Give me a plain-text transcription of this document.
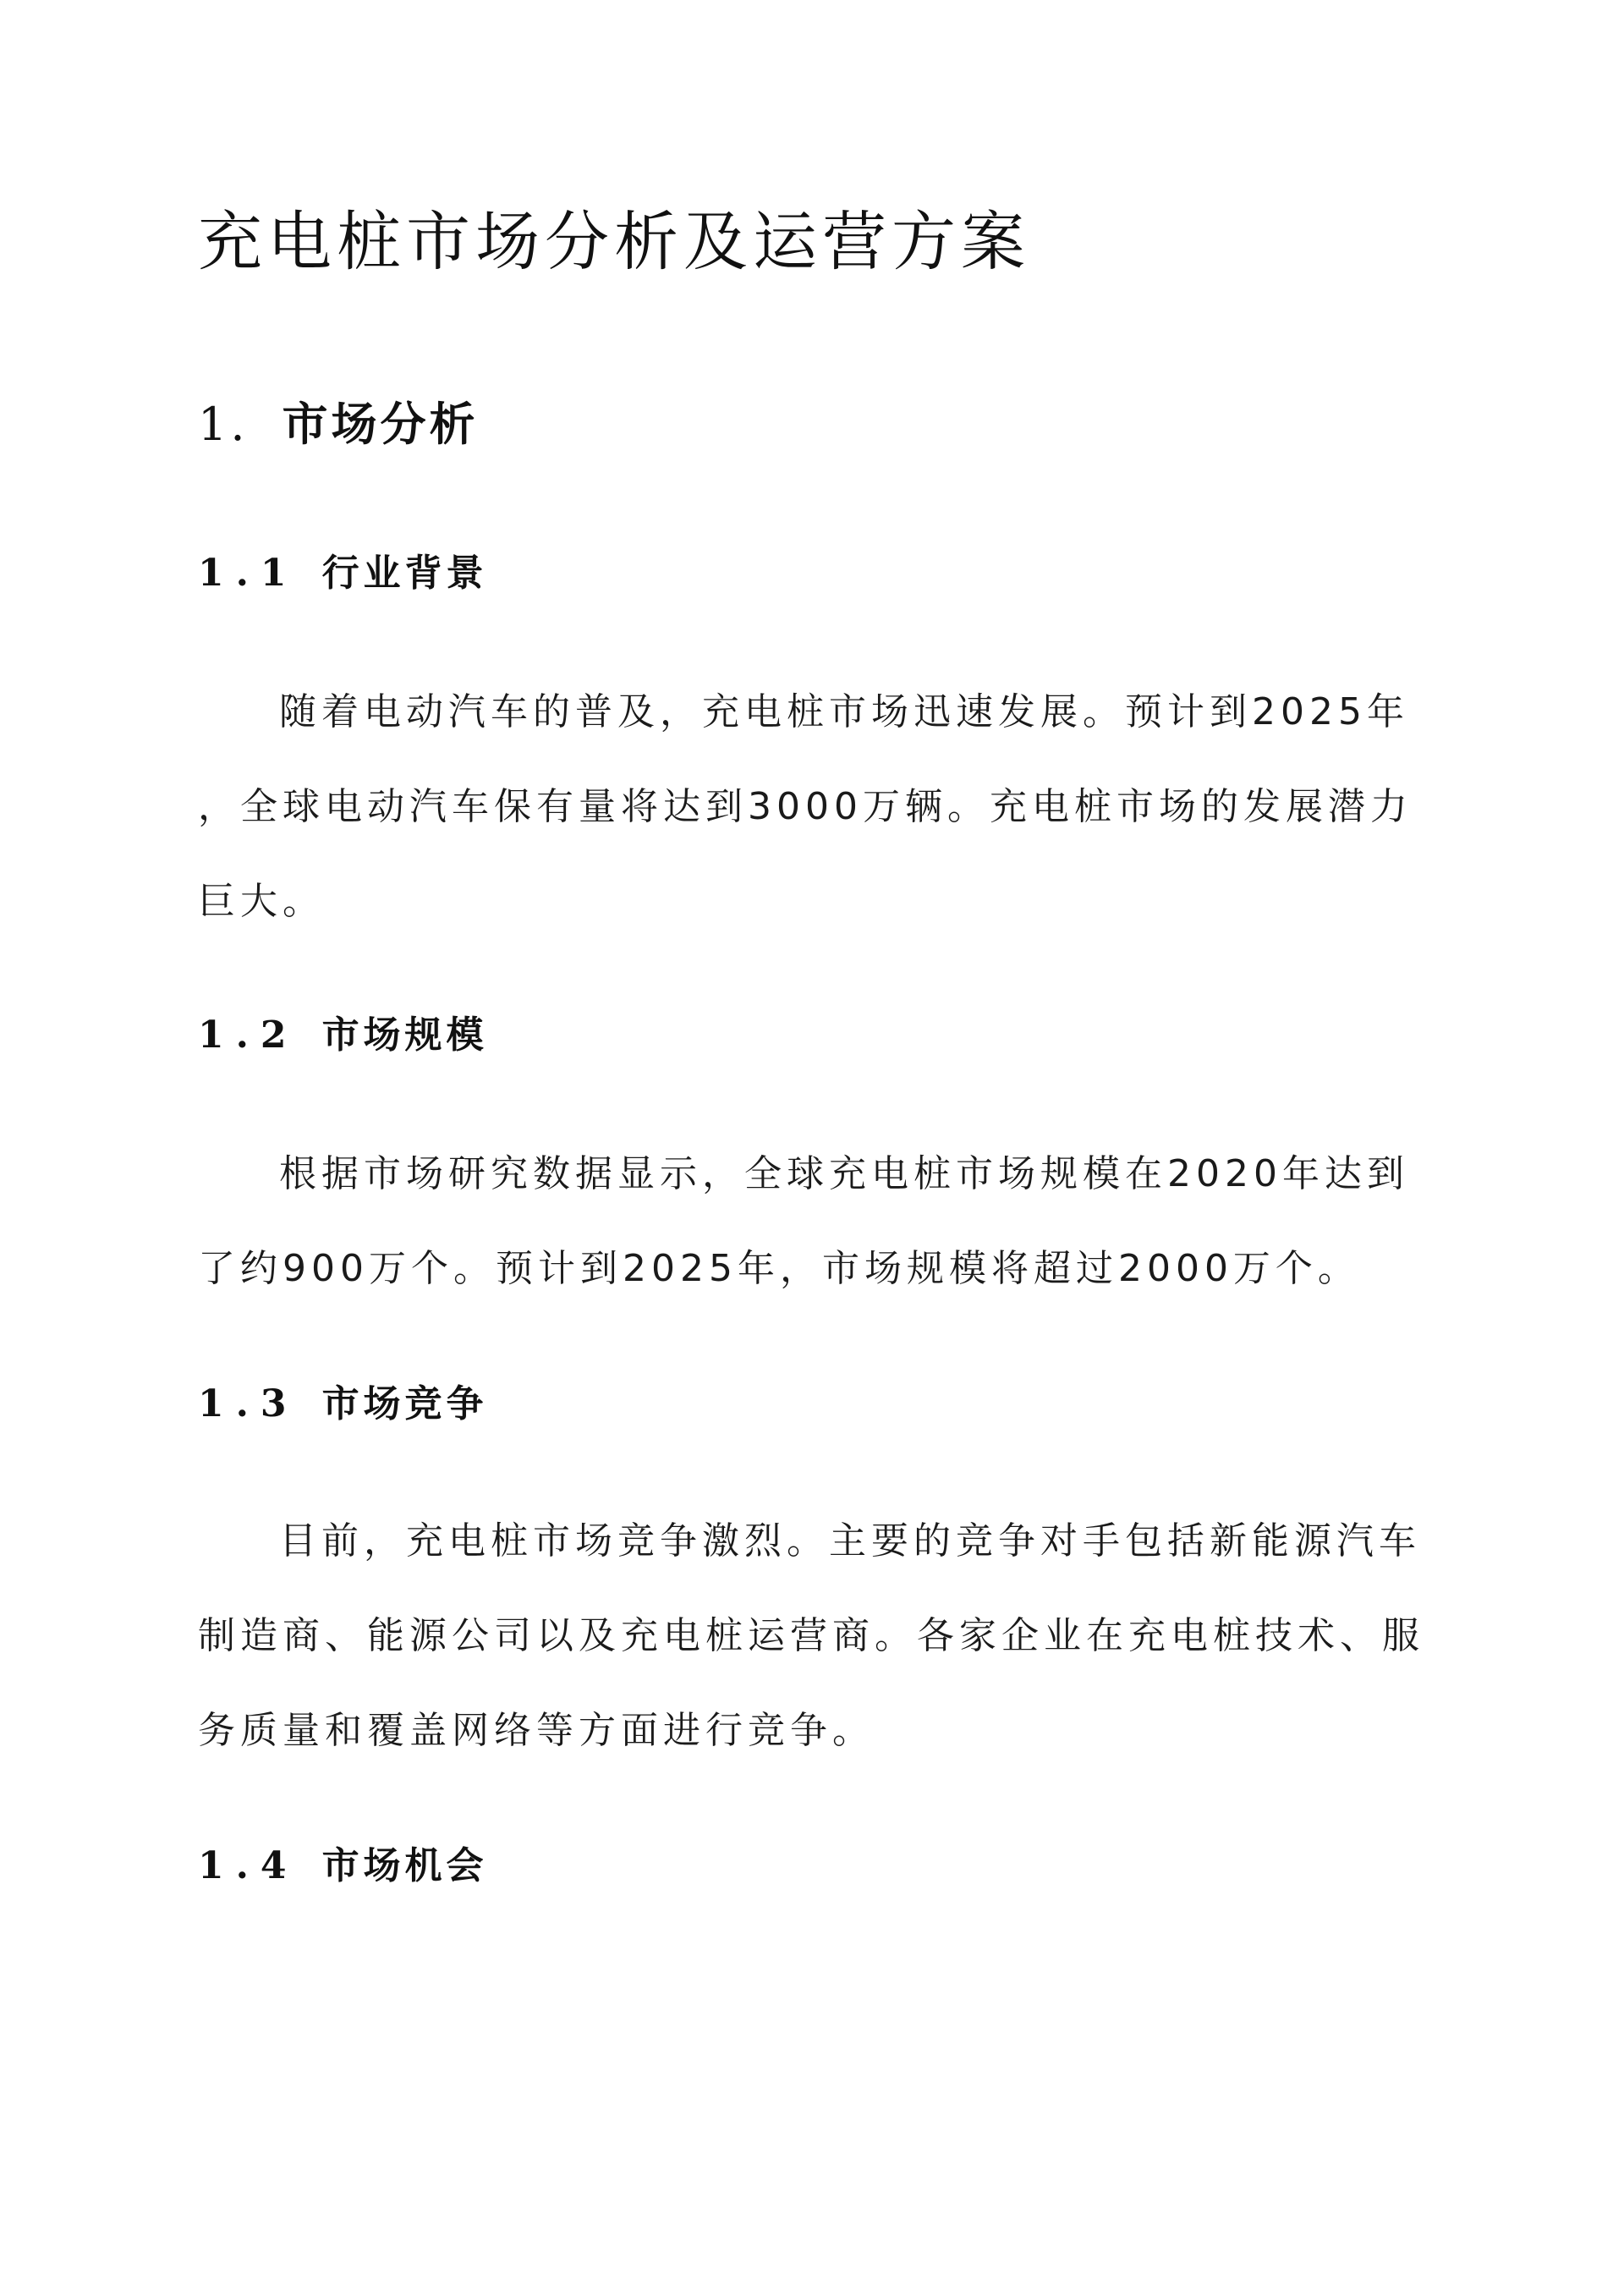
充电桩市场分析及运营方案
1. 市场分析
1.1 行业背景
随着电动汽车的普及，充电桩市场迅速发展。预计到2025年
，全球电动汽车保有量将达到3000万辆。充电桩市场的发展潜力
巨大。
1.2 市场规模
根据市场研究数据显示，全球充电桩市场规模在2020年达到
了约900万个。预计到2025年，市场规模将超过2000万个。
1.3 市场竞争
目前，充电桩市场竞争激烈。主要的竞争对手包括新能源汽车
制造商、能源公司以及充电桩运营商。各家企业在充电桩技术、服
务质量和覆盖网络等方面进行竞争。
1.4 市场机会
